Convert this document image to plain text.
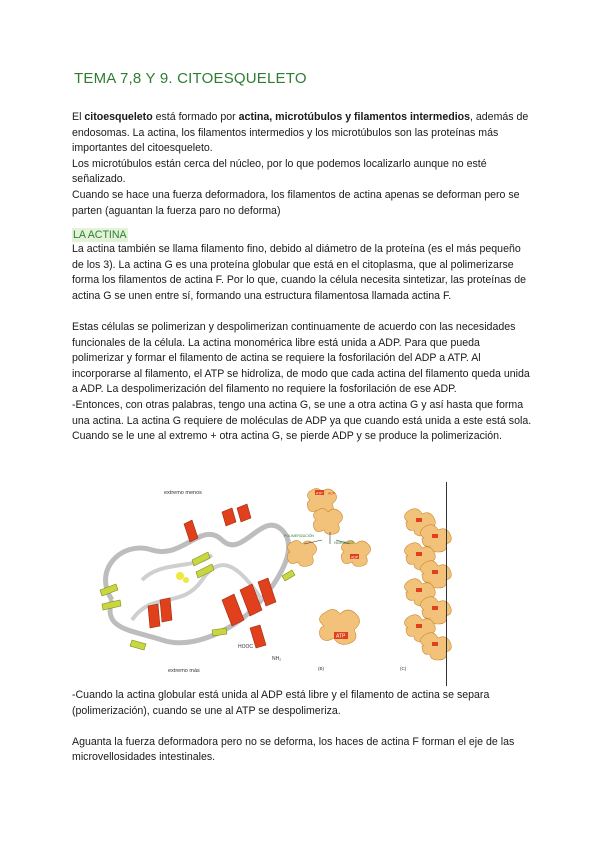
TEMA 7,8 Y 9. CITOESQUELETO

El citoesqueleto está formado por actina, microtúbulos y filamentos intermedios, además de endosomas. La actina, los filamentos intermedios y los microtúbulos son las proteínas más importantes del citoesqueleto.

Los microtúbulos están cerca del núcleo, por lo que podemos localizarlo aunque no esté señalizado.

Cuando se hace una fuerza deformadora, los filamentos de actina apenas se deforman pero se parten (aguantan la fuerza paro no deforma)

LA ACTINA

La actina también se llama filamento fino, debido al diámetro de la proteína (es el más pequeño de los 3). La actina G es una proteína globular que está en el citoplasma, que al polimerizarse forma los filamentos de actina F. Por lo que, cuando la célula necesita sintetizar, las proteínas de actina G se unen entre sí, formando una estructura filamentosa llamada actina F.

Estas células se polimerizan y despolimerizan continuamente de acuerdo con las necesidades funcionales de la célula. La actina monomérica libre está unida a ADP. Para que pueda polimerizar y formar el filamento de actina se requiere la fosforilación del ADP a ATP. Al incorporarse al filamento, el ATP se hidroliza, de modo que cada actina del filamento queda unida a ADP. La despolimerización del filamento no requiere la fosforilación de ese ADP.

-Entonces, con otras palabras, tengo una actina G, se une a otra actina G y así hasta que forma una actina. La actina G requiere de moléculas de ADP ya que cuando está unida a este está sola. Cuando se le une al extremo + otra actina G, se pierde ADP y se produce la polimerización.

extremo menos
extremo más
HOOC
NH₂
ATP ADP
ADP
POLIMERIZACIÓN
HIDRÓLISIS
ATP
(B)	(C)

-Cuando la actina globular está unida al ADP está libre y el filamento de actina se separa (polimerización), cuando se une al ATP se despolimeriza.

Aguanta la fuerza deformadora pero no se deforma, los haces de actina F forman el eje de las microvellosidades intestinales.
